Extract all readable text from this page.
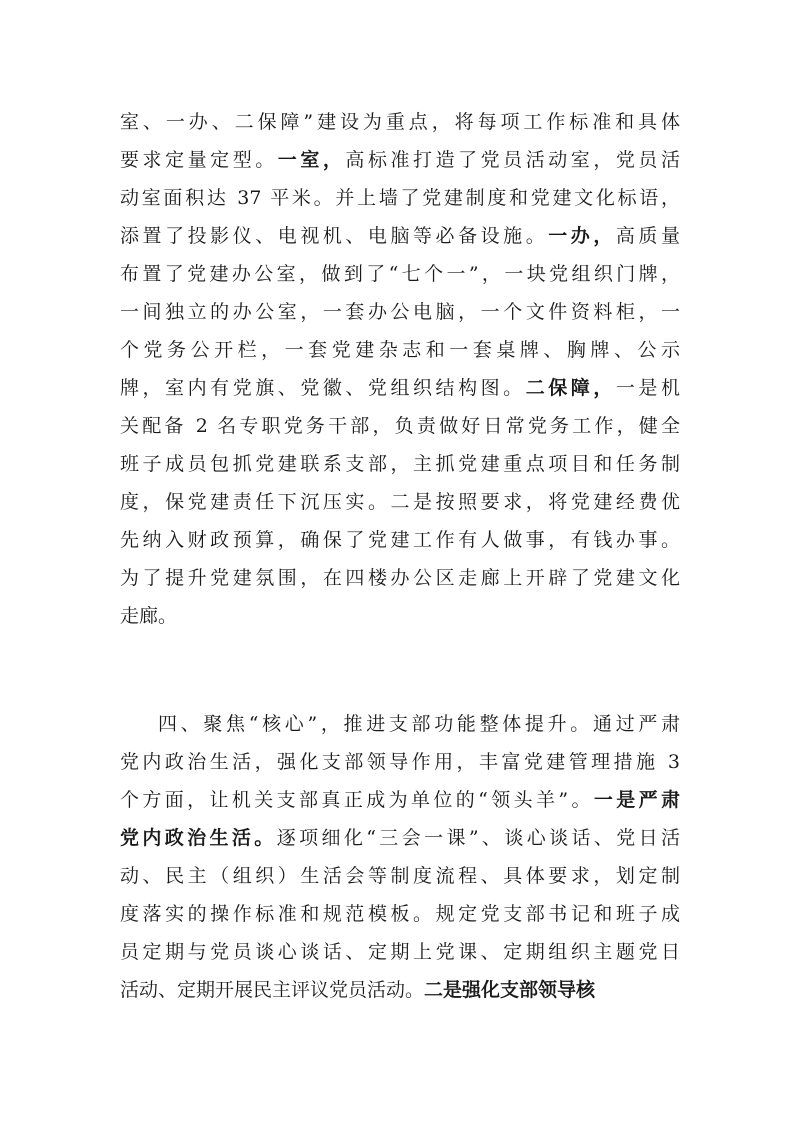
室、一办、二保障”建设为重点，将每项工作标准和具体
要求定量定型。一室，高标准打造了党员活动室，党员活
动室面积达 37 平米。并上墙了党建制度和党建文化标语，
添置了投影仪、电视机、电脑等必备设施。一办，高质量
布置了党建办公室，做到了“七个一”，一块党组织门牌，
一间独立的办公室，一套办公电脑，一个文件资料柜，一
个党务公开栏，一套党建杂志和一套桌牌、胸牌、公示
牌，室内有党旗、党徽、党组织结构图。二保障，一是机
关配备 2 名专职党务干部，负责做好日常党务工作，健全
班子成员包抓党建联系支部，主抓党建重点项目和任务制
度，保党建责任下沉压实。二是按照要求，将党建经费优
先纳入财政预算，确保了党建工作有人做事，有钱办事。
为了提升党建氛围，在四楼办公区走廊上开辟了党建文化
走廊。
四、聚焦“核心”，推进支部功能整体提升。通过严肃
党内政治生活，强化支部领导作用，丰富党建管理措施 3
个方面，让机关支部真正成为单位的“领头羊”。一是严肃
党内政治生活。逐项细化“三会一课”、谈心谈话、党日活
动、民主（组织）生活会等制度流程、具体要求，划定制
度落实的操作标准和规范模板。规定党支部书记和班子成
员定期与党员谈心谈话、定期上党课、定期组织主题党日
活动、定期开展民主评议党员活动。二是强化支部领导核
